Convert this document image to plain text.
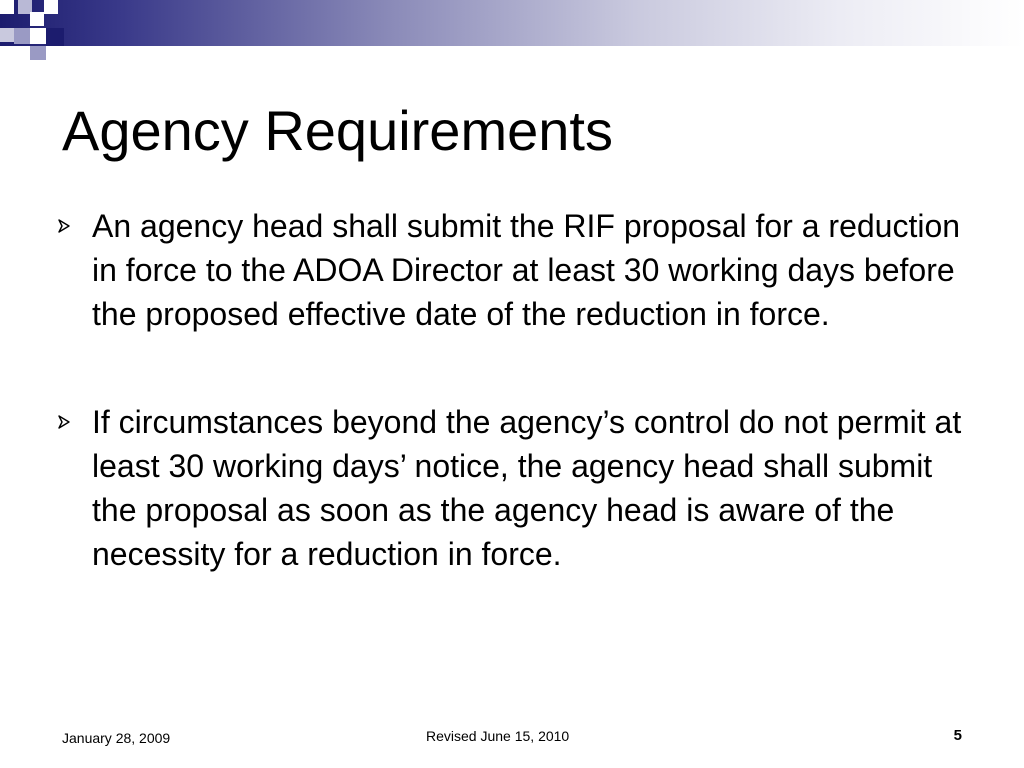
Agency Requirements
An agency head shall submit the RIF proposal for a reduction in force to the ADOA Director at least 30 working days before the proposed effective date of the reduction in force.
If circumstances beyond the agency’s control do not permit at least 30 working days’ notice, the agency head shall submit the proposal as soon as the agency head is aware of the necessity for a reduction in force.
January 28, 2009	Revised June 15, 2010	5
